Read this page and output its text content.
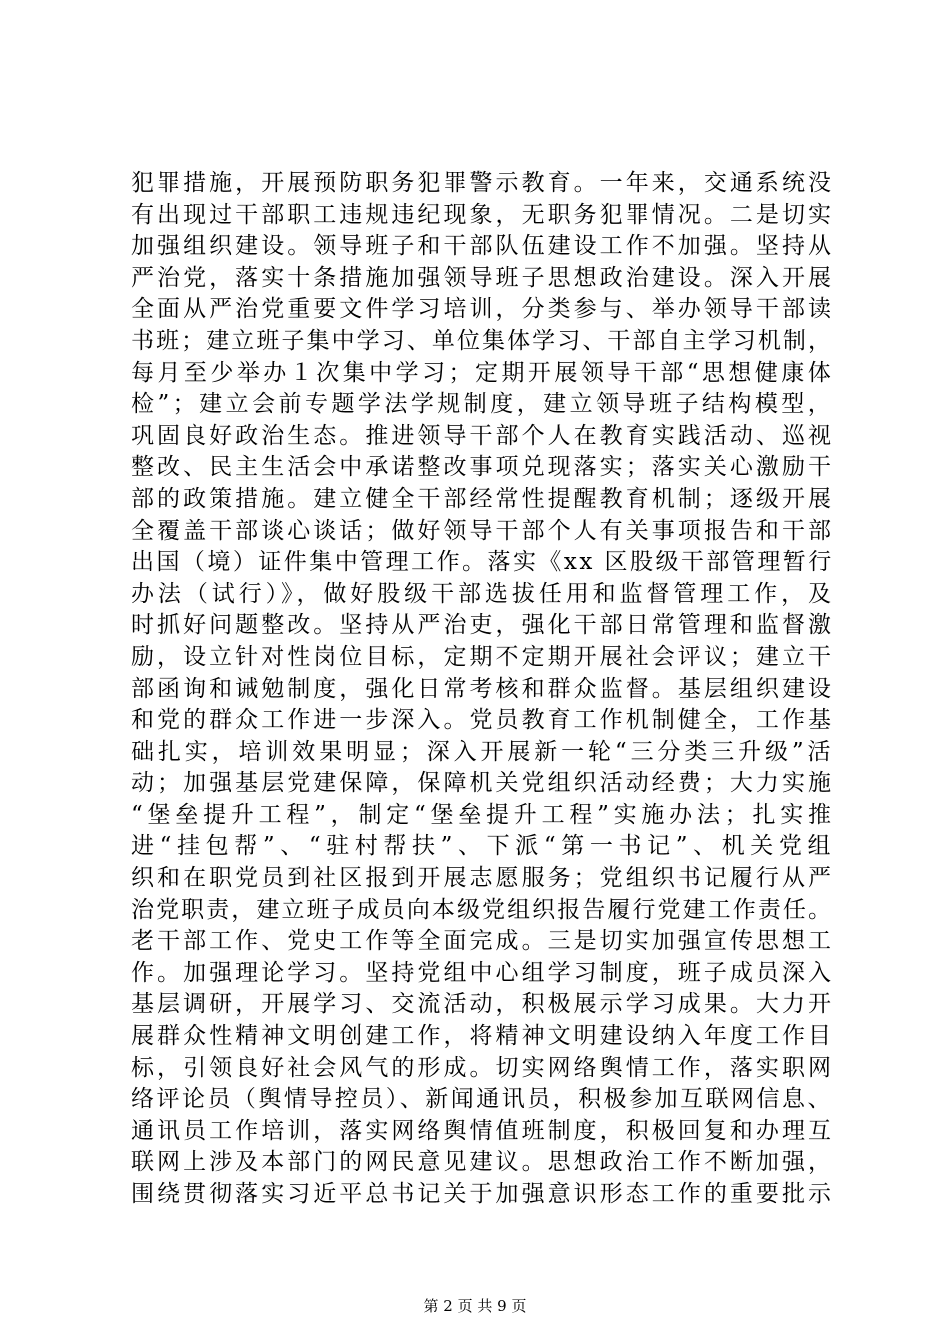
犯罪措施，开展预防职务犯罪警示教育。一年来，交通系统没
有出现过干部职工违规违纪现象，无职务犯罪情况。二是切实
加强组织建设。领导班子和干部队伍建设工作不加强。坚持从
严治党，落实十条措施加强领导班子思想政治建设。深入开展
全面从严治党重要文件学习培训，分类参与、举办领导干部读
书班；建立班子集中学习、单位集体学习、干部自主学习机制，
每月至少举办１次集中学习；定期开展领导干部“思想健康体
检”；建立会前专题学法学规制度，建立领导班子结构模型，
巩固良好政治生态。推进领导干部个人在教育实践活动、巡视
整改、民主生活会中承诺整改事项兑现落实；落实关心激励干
部的政策措施。建立健全干部经常性提醒教育机制；逐级开展
全覆盖干部谈心谈话；做好领导干部个人有关事项报告和干部
出国（境）证件集中管理工作。落实《xx 区股级干部管理暂行
办法（试行）》，做好股级干部选拔任用和监督管理工作，及
时抓好问题整改。坚持从严治吏，强化干部日常管理和监督激
励，设立针对性岗位目标，定期不定期开展社会评议；建立干
部函询和诫勉制度，强化日常考核和群众监督。基层组织建设
和党的群众工作进一步深入。党员教育工作机制健全，工作基
础扎实，培训效果明显；深入开展新一轮“三分类三升级”活
动；加强基层党建保障，保障机关党组织活动经费；大力实施
“堡垒提升工程”，制定“堡垒提升工程”实施办法；扎实推
进“挂包帮”、“驻村帮扶”、下派“第一书记”、机关党组
织和在职党员到社区报到开展志愿服务；党组织书记履行从严
治党职责，建立班子成员向本级党组织报告履行党建工作责任。
老干部工作、党史工作等全面完成。三是切实加强宣传思想工
作。加强理论学习。坚持党组中心组学习制度，班子成员深入
基层调研，开展学习、交流活动，积极展示学习成果。大力开
展群众性精神文明创建工作，将精神文明建设纳入年度工作目
标，引领良好社会风气的形成。切实网络舆情工作，落实职网
络评论员（舆情导控员）、新闻通讯员，积极参加互联网信息、
通讯员工作培训，落实网络舆情值班制度，积极回复和办理互
联网上涉及本部门的网民意见建议。思想政治工作不断加强，
围绕贯彻落实习近平总书记关于加强意识形态工作的重要批示
第 2 页 共 9 页
